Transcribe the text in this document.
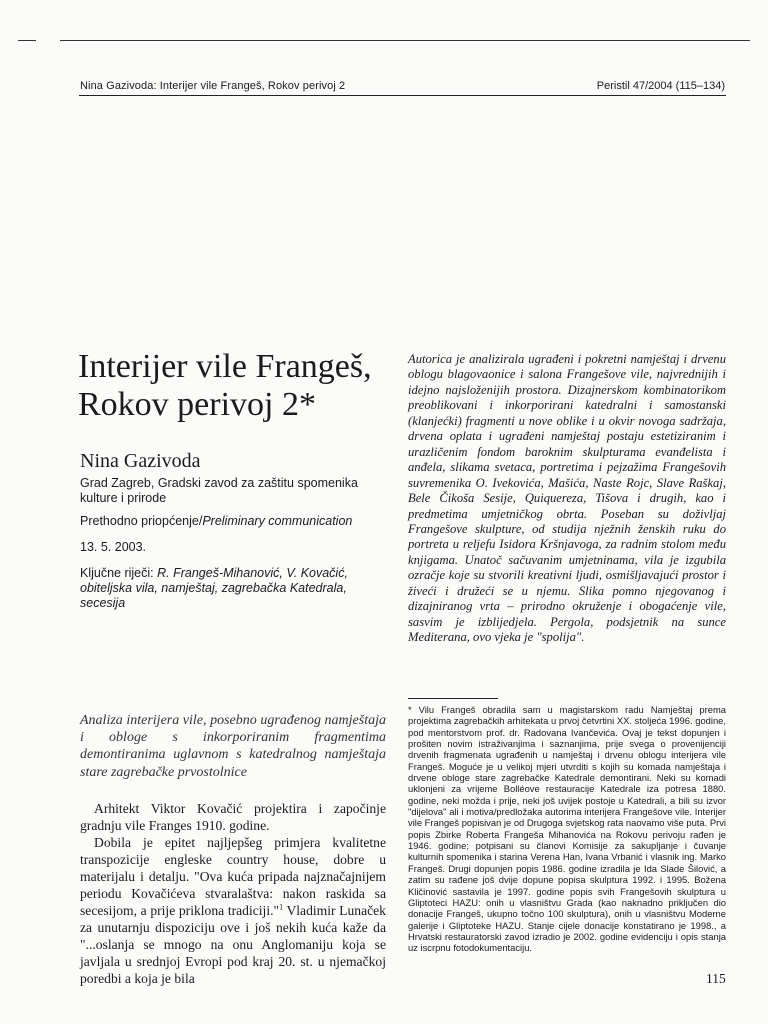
Nina Gazivoda: Interijer vile Frangeš, Rokov perivoj 2	Peristil 47/2004 (115–134)
Interijer vile Frangeš, Rokov perivoj 2*
Nina Gazivoda
Grad Zagreb, Gradski zavod za zaštitu spomenika kulture i prirode
Prethodno priopćenje/Preliminary communication
13. 5. 2003.
Ključne riječi: R. Frangeš-Mihanović, V. Kovačić, obiteljska vila, namještaj, zagrebačka Katedrala, secesija
Autorica je analizirala ugrađeni i pokretni namještaj i drvenu oblogu blagovaonice i salona Frangešove vile, najvrednijih i idejno najsloženijih prostora. Dizajnerskom kombinatorikom preoblikovani i inkorporirani katedralni i samostanski (klanjećki) fragmenti u nove oblike i u okvir novoga sadržaja, drvena oplata i ugrađeni namještaj postaju estetiziranim i urazličenim fondom baroknim skulpturama evanđelista i anđela, slikama svetaca, portretima i pejzažima Frangešovih suvremenika O. Ivekovića, Mašića, Naste Rojc, Slave Raškaj, Bele Čikoša Sesije, Quiquereza, Tišova i drugih, kao i predmetima umjetničkog obrta. Poseban su doživljaj Frangešove skulpture, od studija nježnih ženskih ruku do portreta u reljefu Isidora Kršnjavoga, za radnim stolom među knjigama. Unatoč sačuvanim umjetninama, vila je izgubila ozračje koje su stvorili kreativni ljudi, osmišljavajući prostor i živeći i družeći se u njemu. Slika pomno njegovanog i dizajniranog vrta – prirodno okruženje i obogaćenje vile, sasvim je izblijedjela. Pergola, podsjetnik na sunce Mediterana, ovo vjeka je "spolija".
Analiza interijera vile, posebno ugrađenog namještaja i obloge s inkorporiranim fragmentima demontiranima uglavnom s katedralnog namještaja stare zagrebačke prvostolnice

Arhitekt Viktor Kovačić projektira i započinje gradnju vile Franges 1910. godine.

Dobila je epitet najljepšeg primjera kvalitetne transpozicije engleske country house, dobre u materijalu i detalju. "Ova kuća pripada najznačajnijem periodu Kovačićeva stvaralaštva: nakon raskida sa secesijom, a prije priklona tradiciji."$^1$ Vladimir Lunaček za unutarnju dispoziciju ove i još nekih kuća kaže da "...oslanja se mnogo na onu Anglomaniju koja se javljala u srednjoj Evropi pod kraj 20. st. u njemačkoj poredbi a koja je bila

* Vilu Frangeš obradila sam u magistarskom radu Namještaj prema projektima zagrebačkih arhitekata u prvoj četvrtini XX. stoljeća 1996. godine, pod mentorstvom prof. dr. Radovana Ivančevića. Ovaj je tekst dopunjen i prošiten novim istraživanjima i saznanjima, prije svega o provenijenciji drvenih fragmenata ugrađenih u namještaj i drvenu oblogu interijera vile Frangeš. Moguće je u velikoj mjeri utvrditi s kojih su komada namještaja i drvene obloge stare zagrebačke Katedrale demontirani. Neki su komadi uklonjeni za vrijeme Bolléove restauracije Katedrale iza potresa 1880. godine, neki možda i prije, neki još uvijek postoje u Katedrali, a bili su izvor "dijelova" ali i motiva/predložaka autorima interijera Frangešove vile. Interijer vile Frangeš popisivan je od Drugoga svjetskog rata naovamo više puta. Prvi popis Zbirke Roberta Frangeša Mihanovića na Rokovu perivoju rađen je 1946. godine; potpisani su članovi Komisije za sakupljanje i čuvanje kulturnih spomenika i starina Verena Han, Ivana Vrbanić i vlasnik ing. Marko Frangeš. Drugi dopunjen popis 1986. godine izradila je Ida Slade Šilović, a zatim su rađene još dvije dopune popisa skulptura 1992. i 1995. Božena Kličinović sastavila je 1997. godine popis svih Frangešovih skulptura u Gliptoteci HAZU: onih u vlasništvu Grada (kao naknadno priključen dio donacije Frangeš, ukupno točno 100 skulptura), onih u vlasništvu Moderne galerije i Gliptoteke HAZU. Stanje cijele donacije konstatirano je 1998., a Hrvatski restauratorski zavod izradio je 2002. godine evidenciju i opis stanja uz iscrpnu fotodokumentaciju.
115
